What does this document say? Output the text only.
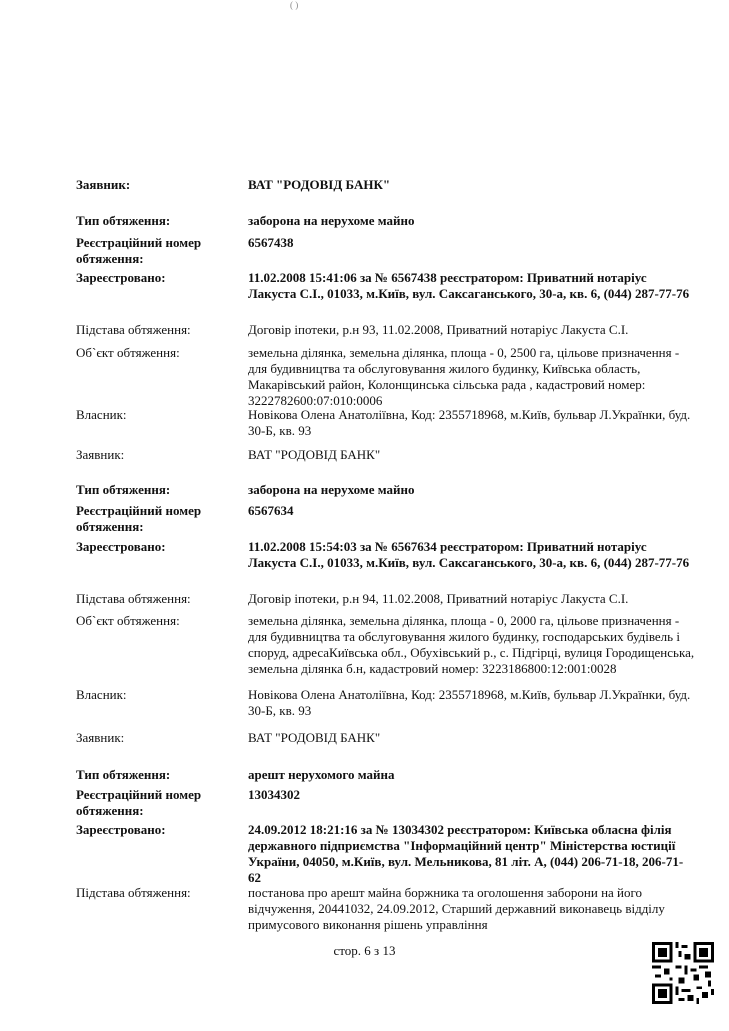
( )
Заявник:	ВАТ "РОДОВІД БАНК"
Тип обтяження:	заборона на нерухоме майно
Реєстраційний номер обтяження:
6567438
Зареєстровано:	11.02.2008 15:41:06 за № 6567438 реєстратором: Приватний нотаріус Лакуста С.І., 01033, м.Київ, вул. Саксаганського, 30-а, кв. 6, (044) 287-77-76
Підстава обтяження:	Договір іпотеки, р.н 93, 11.02.2008, Приватний нотаріус Лакуста С.І.
Об`єкт обтяження:	земельна ділянка, земельна ділянка, площа - 0, 2500 га, цільове призначення - для будивництва та обслуговування жилого будинку, Київська область, Макарівський район, Колонщинська сільська рада , кадастровий номер: 3222782600:07:010:0006
Власник:	Новікова Олена Анатоліївна, Код: 2355718968, м.Київ, бульвар Л.Українки, буд. 30-Б, кв. 93
Заявник:	ВАТ "РОДОВІД БАНК"
Тип обтяження:	заборона на нерухоме майно
Реєстраційний номер обтяження:
6567634
Зареєстровано:	11.02.2008 15:54:03 за № 6567634 реєстратором: Приватний нотаріус Лакуста С.І., 01033, м.Київ, вул. Саксаганського, 30-а, кв. 6, (044) 287-77-76
Підстава обтяження:	Договір іпотеки, р.н 94, 11.02.2008, Приватний нотаріус Лакуста С.І.
Об`єкт обтяження:	земельна ділянка, земельна ділянка, площа - 0, 2000 га, цільове призначення - для будивництва та обслуговування жилого будинку, господарських будівель і споруд, адресаКиївська обл., Обухівський р., с. Підгірці, вулиця Городищенська, земельна ділянка б.н, кадастровий номер: 3223186800:12:001:0028
Власник:	Новікова Олена Анатоліївна, Код: 2355718968, м.Київ, бульвар Л.Українки, буд. 30-Б, кв. 93
Заявник:	ВАТ "РОДОВІД БАНК"
Тип обтяження:	арешт нерухомого майна
Реєстраційний номер обтяження:
13034302
Зареєстровано:	24.09.2012 18:21:16 за № 13034302 реєстратором: Київська обласна філія державного підприємства "Інформаційний центр" Міністерства юстиції України, 04050, м.Київ, вул. Мельникова, 81 літ. А, (044) 206-71-18, 206-71-62
Підстава обтяження:	постанова про арешт майна боржника та оголошення заборони на його відчуження, 20441032, 24.09.2012, Старший державний виконавець відділу примусового виконання рішень управління
стор. 6 з 13
